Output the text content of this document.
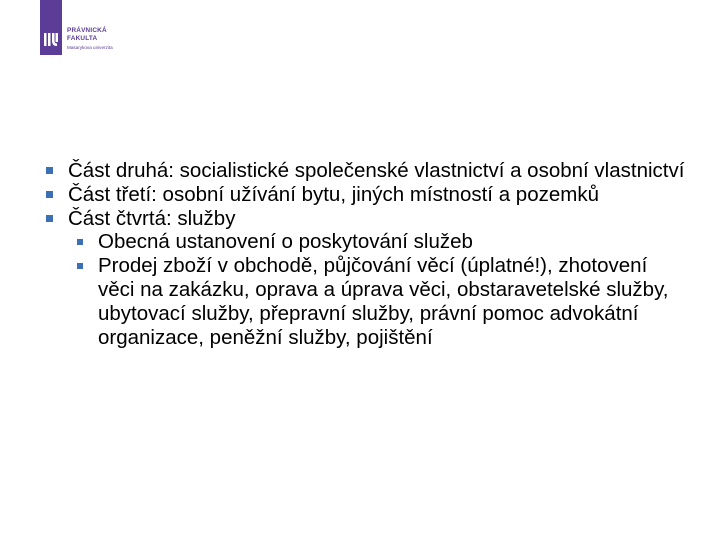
PRÁVNICKÁ
FAKULTA
Masarykova univerzita
Část druhá: socialistické společenské vlastnictví a osobní vlastnictví
Část třetí: osobní užívání bytu, jiných místností a pozemků
Část čtvrtá: služby
Obecná ustanovení o poskytování služeb
Prodej zboží v obchodě, půjčování věcí (úplatné!), zhotovení věci na zakázku, oprava a úprava věci, obstaravetelské služby, ubytovací služby, přepravní služby, právní pomoc advokátní organizace, peněžní služby, pojištění
